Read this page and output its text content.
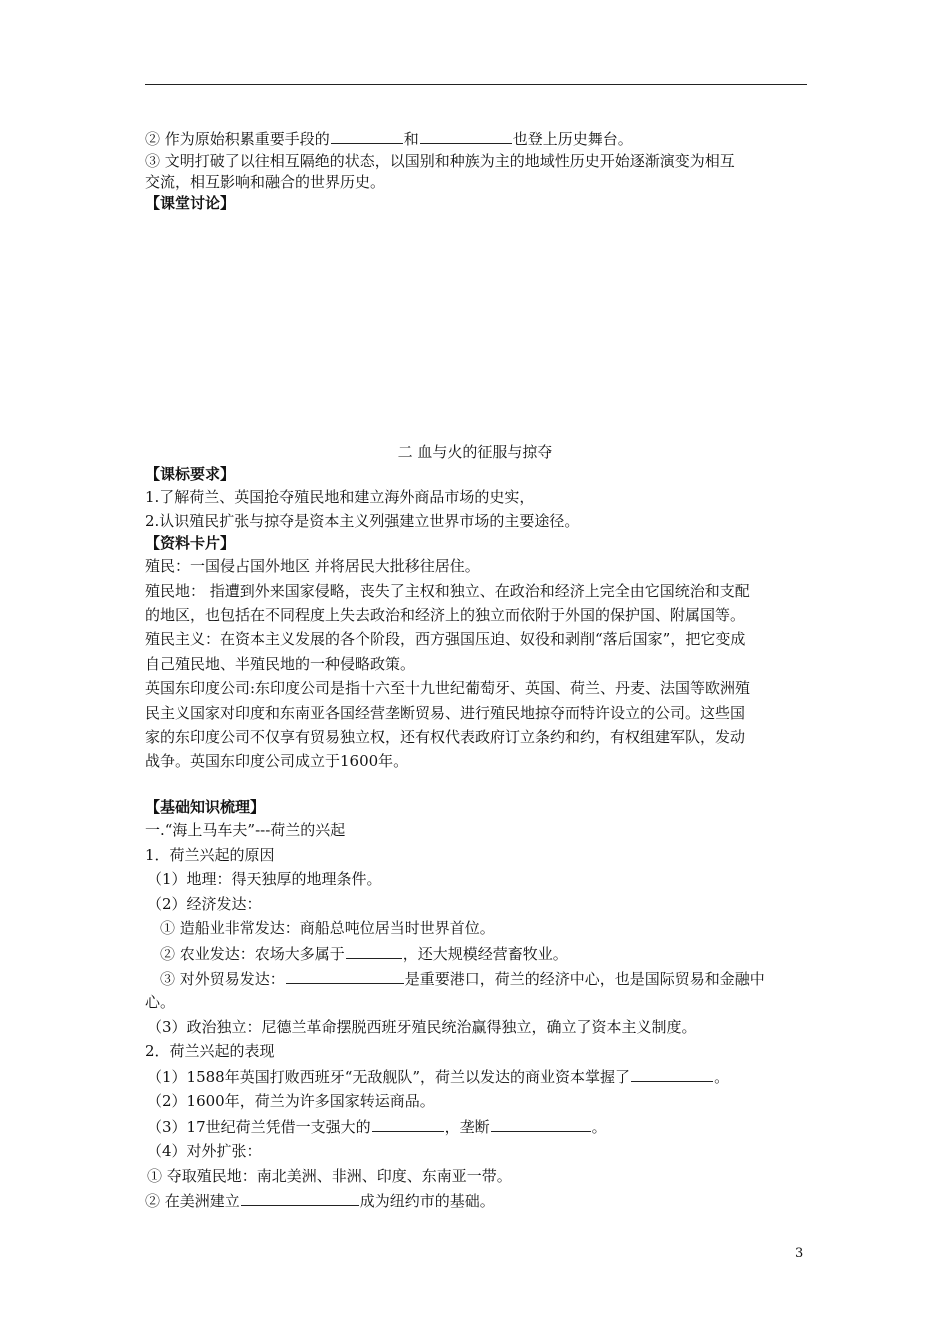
② 作为原始积累重要手段的	和	也登上历史舞台。
③ 文明打破了以往相互隔绝的状态，以国别和种族为主的地域性历史开始逐渐演变为相互
交流，相互影响和融合的世界历史。
【课堂讨论】
二 血与火的征服与掠夺
【课标要求】
1.了解荷兰、英国抢夺殖民地和建立海外商品市场的史实，
2.认识殖民扩张与掠夺是资本主义列强建立世界市场的主要途径。
【资料卡片】
殖民：一国侵占国外地区 并将居民大批移往居住。
殖民地： 指遭到外来国家侵略，丧失了主权和独立、在政治和经济上完全由它国统治和支配
的地区，也包括在不同程度上失去政治和经济上的独立而依附于外国的保护国、附属国等。
殖民主义：在资本主义发展的各个阶段，西方强国压迫、奴役和剥削“落后国家”，把它变成
自己殖民地、半殖民地的一种侵略政策。
英国东印度公司:东印度公司是指十六至十九世纪葡萄牙、英国、荷兰、丹麦、法国等欧洲殖
民主义国家对印度和东南亚各国经营垄断贸易、进行殖民地掠夺而特许设立的公司。这些国
家的东印度公司不仅享有贸易独立权，还有权代表政府订立条约和约，有权组建军队，发动
战争。英国东印度公司成立于1600年。
【基础知识梳理】
一.“海上马车夫”---荷兰的兴起
1．荷兰兴起的原因
（1）地理：得天独厚的地理条件。
（2）经济发达：
① 造船业非常发达：商船总吨位居当时世界首位。
② 农业发达：农场大多属于	，还大规模经营畜牧业。
③ 对外贸易发达：	是重要港口，荷兰的经济中心，也是国际贸易和金融中
心。
（3）政治独立：尼德兰革命摆脱西班牙殖民统治赢得独立，确立了资本主义制度。
2．荷兰兴起的表现
（1）1588年英国打败西班牙“无敌舰队”，荷兰以发达的商业资本掌握了	。
（2）1600年，荷兰为许多国家转运商品。
（3）17世纪荷兰凭借一支强大的	，垄断	。
（4）对外扩张：
① 夺取殖民地：南北美洲、非洲、印度、东南亚一带。
② 在美洲建立	成为纽约市的基础。
3
